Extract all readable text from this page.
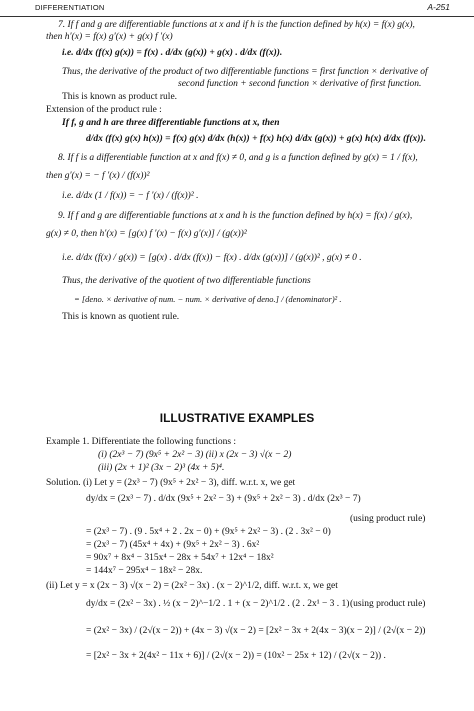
DIFFERENTIATION	A-251
7. If f and g are differentiable functions at x and if h is the function defined by h(x) = f(x) g(x),
then h′(x) = f(x) g′(x) + g(x) f ′(x)
i.e. d/dx (f(x) g(x)) = f(x) . d/dx (g(x)) + g(x) . d/dx (f(x)).
Thus, the derivative of the product of two differentiable functions = first function × derivative of
second function + second function × derivative of first function.
This is known as product rule.
Extension of the product rule :
If f, g and h are three differentiable functions at x, then
d/dx (f(x) g(x) h(x)) = f(x) g(x) d/dx (h(x)) + f(x) h(x) d/dx (g(x)) + g(x) h(x) d/dx (f(x)).
8. If f is a differentiable function at x and f(x) ≠ 0, and g is a function defined by g(x) = 1 / f(x),
then g′(x) = − f ′(x) / (f(x))²
i.e. d/dx (1 / f(x)) = − f ′(x) / (f(x))² .
9. If f and g are differentiable functions at x and h is the function defined by h(x) = f(x) / g(x),
g(x) ≠ 0, then h′(x) = [g(x) f ′(x) − f(x) g′(x)] / (g(x))²
i.e. d/dx (f(x) / g(x)) = [g(x) . d/dx (f(x)) − f(x) . d/dx (g(x))] / (g(x))² , g(x) ≠ 0 .
Thus, the derivative of the quotient of two differentiable functions
= [deno. × derivative of num. − num. × derivative of deno.] / (denominator)² .
This is known as quotient rule.
Example 1. Differentiate the following functions :
(i) (2x³ − 7) (9x⁵ + 2x² − 3) (ii) x (2x − 3) √(x − 2)
(iii) (2x + 1)² (3x − 2)³ (4x + 5)⁴.
Solution. (i) Let y = (2x³ − 7) (9x⁵ + 2x² − 3), diff. w.r.t. x, we get
dy/dx = (2x³ − 7) . d/dx (9x⁵ + 2x² − 3) + (9x⁵ + 2x² − 3) . d/dx (2x³ − 7)
(using product rule)
= (2x³ − 7) . (9 . 5x⁴ + 2 . 2x − 0) + (9x⁵ + 2x² − 3) . (2 . 3x² − 0)
= (2x³ − 7) (45x⁴ + 4x) + (9x⁵ + 2x² − 3) . 6x²
= 90x⁷ + 8x⁴ − 315x⁴ − 28x + 54x⁷ + 12x⁴ − 18x²
= 144x⁷ − 295x⁴ − 18x² − 28x.
(ii) Let y = x (2x − 3) √(x − 2) = (2x² − 3x) . (x − 2)^1/2, diff. w.r.t. x, we get
dy/dx = (2x² − 3x) . ½ (x − 2)^−1/2 . 1 + (x − 2)^1/2 . (2 . 2x¹ − 3 . 1) (using product rule)
= (2x² − 3x) / (2√(x − 2)) + (4x − 3) √(x − 2) = [2x² − 3x + 2(4x − 3)(x − 2)] / (2√(x − 2))
= [2x² − 3x + 2(4x² − 11x + 6)] / (2√(x − 2)) = (10x² − 25x + 12) / (2√(x − 2)) .
ILLUSTRATIVE EXAMPLES
